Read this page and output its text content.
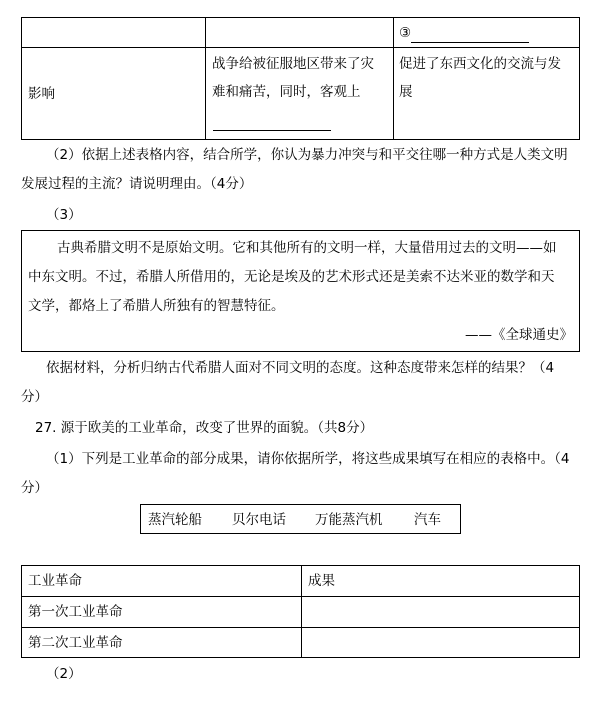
③
影响
战争给被征服地区带来了灾
难和痛苦，同时，客观上
促进了东西文化的交流与发
展
（2）依据上述表格内容，结合所学，你认为暴力冲突与和平交往哪一种方式是人类文明
发展过程的主流？请说明理由。（4分）
（3）
古典希腊文明不是原始文明。它和其他所有的文明一样，大量借用过去的文明——如
中东文明。不过，希腊人所借用的，无论是埃及的艺术形式还是美索不达米亚的数学和天
文学，都烙上了希腊人所独有的智慧特征。
——《全球通史》
依据材料，分析归纳古代希腊人面对不同文明的态度。这种态度带来怎样的结果？（4
分）
27. 源于欧美的工业革命，改变了世界的面貌。（共8分）
（1）下列是工业革命的部分成果，请你依据所学，将这些成果填写在相应的表格中。（4
分）
蒸汽轮船 贝尔电话 万能蒸汽机 汽车
工业革命	成果
第一次工业革命
第二次工业革命
（2）
